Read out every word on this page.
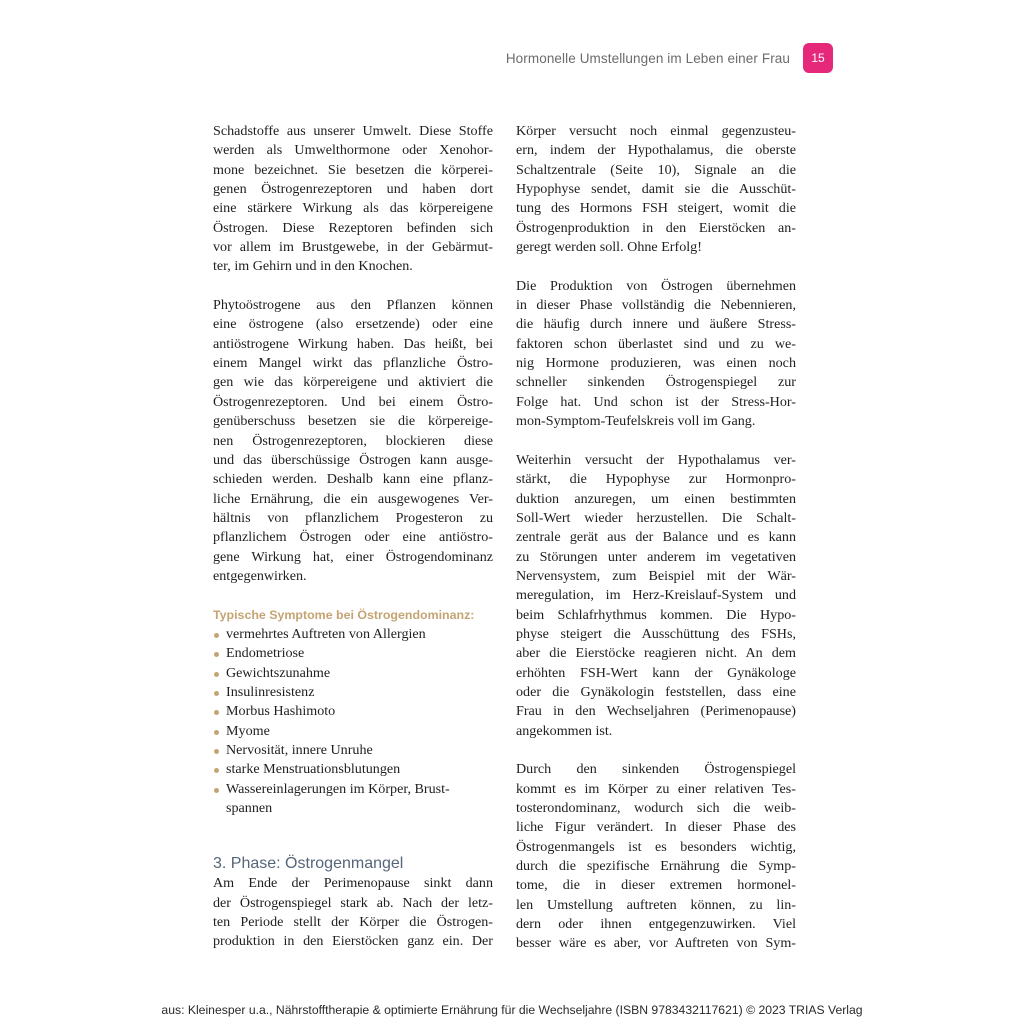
Hormonelle Umstellungen im Leben einer Frau	15
Schadstoffe aus unserer Umwelt. Diese Stoffe
werden als Umwelthormone oder Xenohor-
mone bezeichnet. Sie besetzen die körperei-
genen Östrogenrezeptoren und haben dort
eine stärkere Wirkung als das körpereigene
Östrogen. Diese Rezeptoren befinden sich
vor allem im Brustgewebe, in der Gebärmut-
ter, im Gehirn und in den Knochen.
Phytoöstrogene aus den Pflanzen können
eine östrogene (also ersetzende) oder eine
antiöstrogene Wirkung haben. Das heißt, bei
einem Mangel wirkt das pflanzliche Östro-
gen wie das körpereigene und aktiviert die
Östrogenrezeptoren. Und bei einem Östro-
genüberschuss besetzen sie die körpereige-
nen Östrogenrezeptoren, blockieren diese
und das überschüssige Östrogen kann ausge-
schieden werden. Deshalb kann eine pflanz-
liche Ernährung, die ein ausgewogenes Ver-
hältnis von pflanzlichem Progesteron zu
pflanzlichem Östrogen oder eine antiöstro-
gene Wirkung hat, einer Östrogendominanz
entgegenwirken.
Typische Symptome bei Östrogendominanz:
vermehrtes Auftreten von Allergien
Endometriose
Gewichtszunahme
Insulinresistenz
Morbus Hashimoto
Myome
Nervosität, innere Unruhe
starke Menstruationsblutungen
Wassereinlagerungen im Körper, Brust-
spannen
3. Phase: Östrogenmangel
Am Ende der Perimenopause sinkt dann
der Östrogenspiegel stark ab. Nach der letz-
ten Periode stellt der Körper die Östrogen-
produktion in den Eierstöcken ganz ein. Der
Körper versucht noch einmal gegenzusteu-
ern, indem der Hypothalamus, die oberste
Schaltzentrale (Seite 10), Signale an die
Hypophyse sendet, damit sie die Ausschüt-
tung des Hormons FSH steigert, womit die
Östrogenproduktion in den Eierstöcken an-
geregt werden soll. Ohne Erfolg!
Die Produktion von Östrogen übernehmen
in dieser Phase vollständig die Nebennieren,
die häufig durch innere und äußere Stress-
faktoren schon überlastet sind und zu we-
nig Hormone produzieren, was einen noch
schneller sinkenden Östrogenspiegel zur
Folge hat. Und schon ist der Stress-Hor-
mon-Symptom-Teufelskreis voll im Gang.
Weiterhin versucht der Hypothalamus ver-
stärkt, die Hypophyse zur Hormonpro-
duktion anzuregen, um einen bestimmten
Soll-Wert wieder herzustellen. Die Schalt-
zentrale gerät aus der Balance und es kann
zu Störungen unter anderem im vegetativen
Nervensystem, zum Beispiel mit der Wär-
meregulation, im Herz-Kreislauf-System und
beim Schlafrhythmus kommen. Die Hypo-
physe steigert die Ausschüttung des FSHs,
aber die Eierstöcke reagieren nicht. An dem
erhöhten FSH-Wert kann der Gynäkologe
oder die Gynäkologin feststellen, dass eine
Frau in den Wechseljahren (Perimenopause)
angekommen ist.
Durch den sinkenden Östrogenspiegel
kommt es im Körper zu einer relativen Tes-
tosterondominanz, wodurch sich die weib-
liche Figur verändert. In dieser Phase des
Östrogenmangels ist es besonders wichtig,
durch die spezifische Ernährung die Symp-
tome, die in dieser extremen hormonel-
len Umstellung auftreten können, zu lin-
dern oder ihnen entgegenzuwirken. Viel
besser wäre es aber, vor Auftreten von Sym-
aus: Kleinesper u.a., Nährstofftherapie & optimierte Ernährung für die Wechseljahre (ISBN 9783432117621) © 2023 TRIAS Verlag
